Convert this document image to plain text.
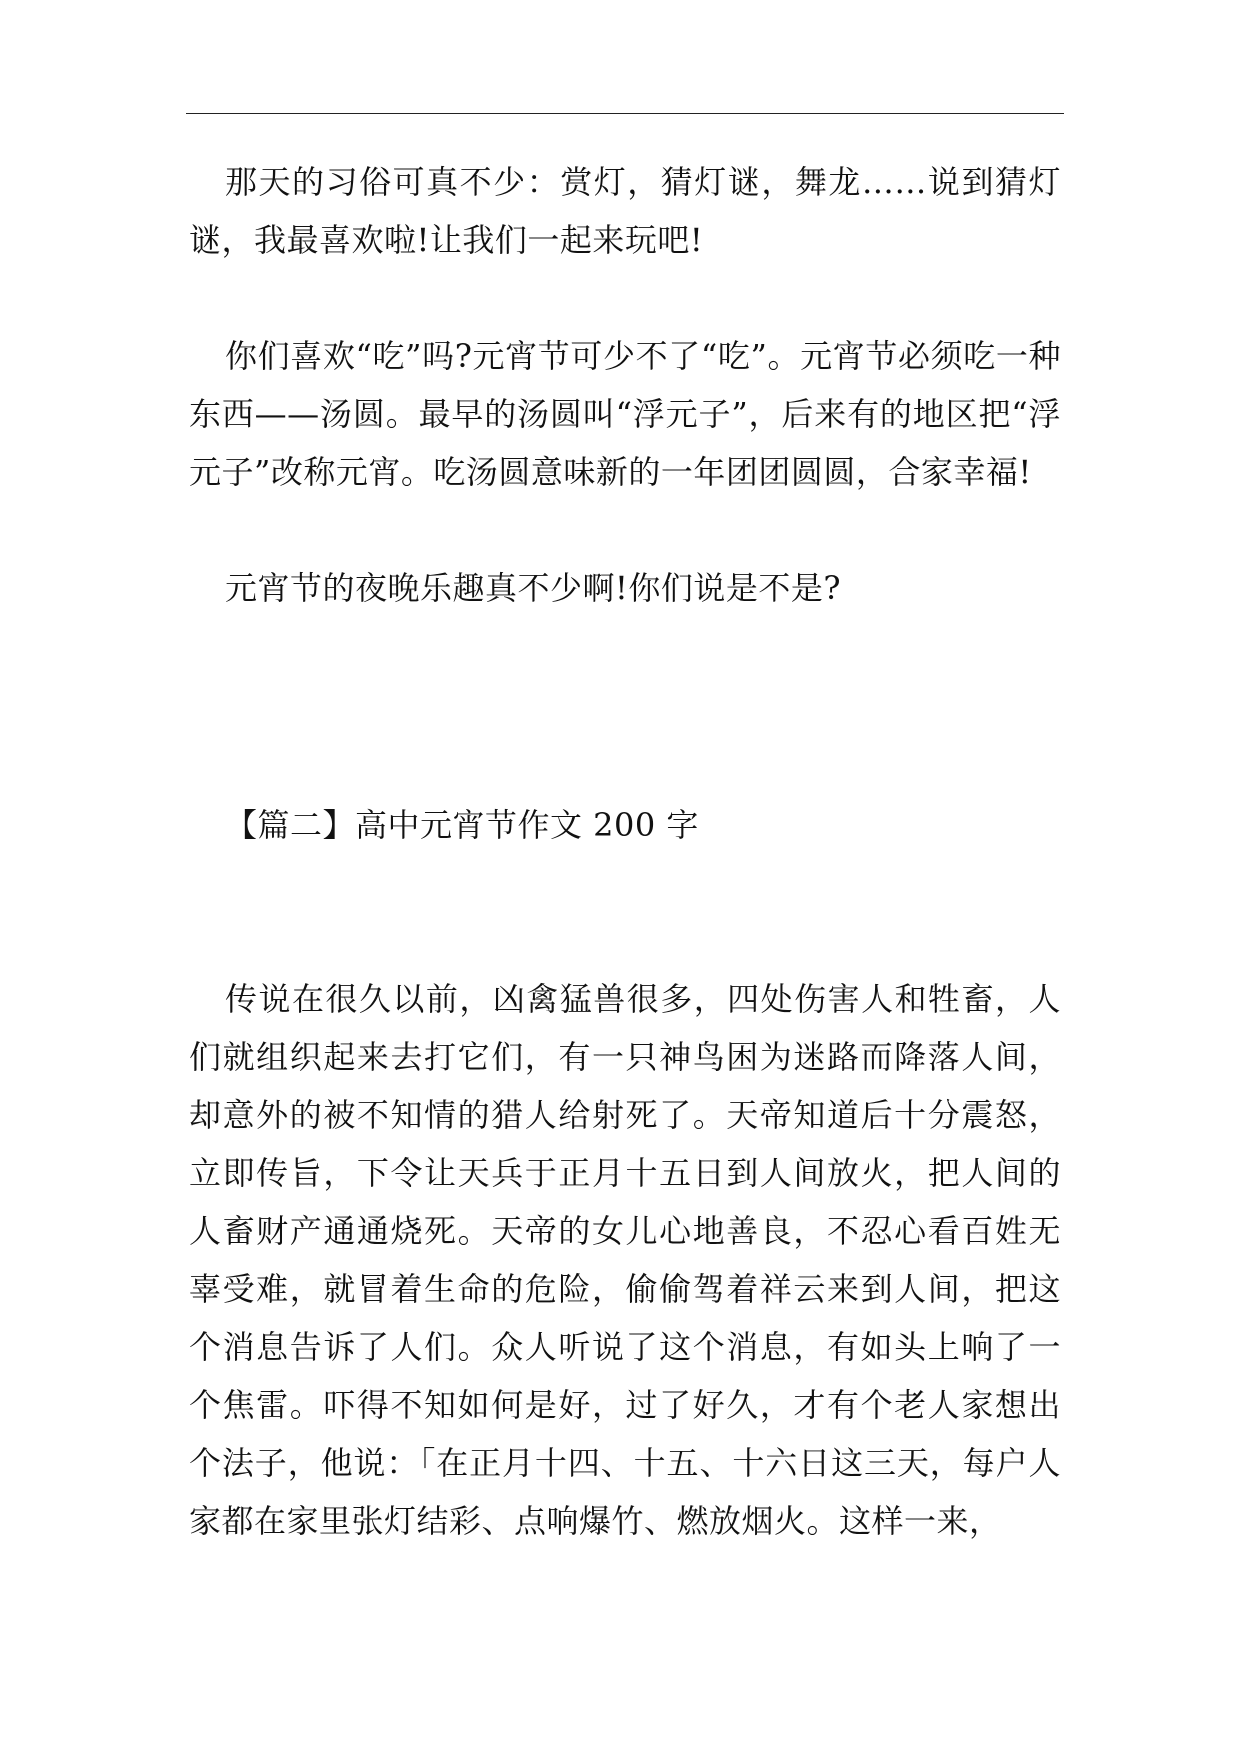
那天的习俗可真不少：赏灯，猜灯谜，舞龙……说到猜灯谜，我最喜欢啦!让我们一起来玩吧!

你们喜欢“吃”吗?元宵节可少不了“吃”。元宵节必须吃一种东西——汤圆。最早的汤圆叫“浮元子”，后来有的地区把“浮元子”改称元宵。吃汤圆意味新的一年团团圆圆，合家幸福!

元宵节的夜晚乐趣真不少啊!你们说是不是?

【篇二】高中元宵节作文 200 字

传说在很久以前，凶禽猛兽很多，四处伤害人和牲畜，人们就组织起来去打它们，有一只神鸟困为迷路而降落人间，却意外的被不知情的猎人给射死了。天帝知道后十分震怒，立即传旨，下令让天兵于正月十五日到人间放火，把人间的人畜财产通通烧死。天帝的女儿心地善良，不忍心看百姓无辜受难，就冒着生命的危险，偷偷驾着祥云来到人间，把这个消息告诉了人们。众人听说了这个消息，有如头上响了一个焦雷。吓得不知如何是好，过了好久，才有个老人家想出个法子，他说：「在正月十四、十五、十六日这三天，每户人家都在家里张灯结彩、点响爆竹、燃放烟火。这样一来，
